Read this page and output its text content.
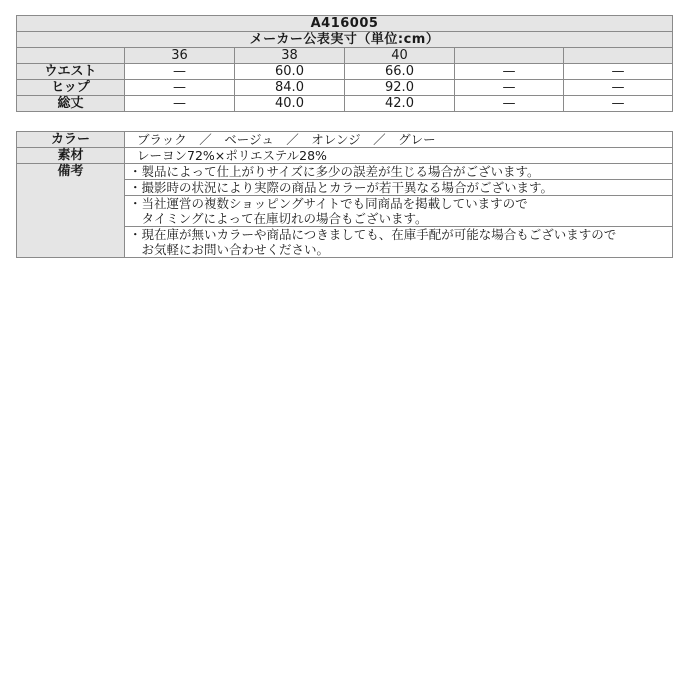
A416005					
メーカー公表実寸（単位:cm）					
	36	38	40		
ウエスト	—	60.0	66.0	—	—
ヒップ	—	84.0	92.0	—	—
総丈	—	40.0	42.0	—	—
カラー	ブラック　／　ベージュ　／　オレンジ　／　グレー
素材	レーヨン72%×ポリエステル28%
備考	・製品によって仕上がりサイズに多少の誤差が生じる場合がございます。

	・撮影時の状況により実際の商品とカラーが若干異なる場合がございます。

	・当社運営の複数ショッピングサイトでも同商品を掲載していますので
　タイミングによって在庫切れの場合もございます。

	・現在庫が無いカラーや商品につきましても、在庫手配が可能な場合もございますので
　お気軽にお問い合わせください。
